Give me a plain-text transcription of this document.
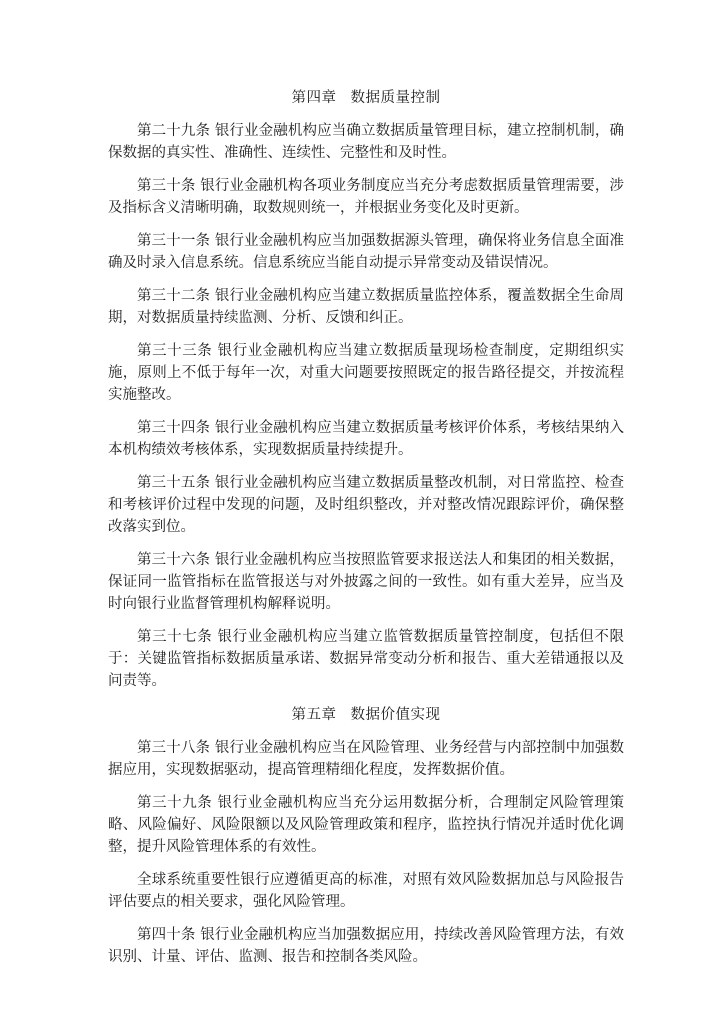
第四章 数据质量控制

第二十九条 银行业金融机构应当确立数据质量管理目标，建立控制机制，确保数据的真实性、准确性、连续性、完整性和及时性。

第三十条 银行业金融机构各项业务制度应当充分考虑数据质量管理需要，涉及指标含义清晰明确，取数规则统一，并根据业务变化及时更新。

第三十一条 银行业金融机构应当加强数据源头管理，确保将业务信息全面准确及时录入信息系统。信息系统应当能自动提示异常变动及错误情况。

第三十二条 银行业金融机构应当建立数据质量监控体系，覆盖数据全生命周期，对数据质量持续监测、分析、反馈和纠正。

第三十三条 银行业金融机构应当建立数据质量现场检查制度，定期组织实施，原则上不低于每年一次，对重大问题要按照既定的报告路径提交，并按流程实施整改。

第三十四条 银行业金融机构应当建立数据质量考核评价体系，考核结果纳入本机构绩效考核体系，实现数据质量持续提升。

第三十五条 银行业金融机构应当建立数据质量整改机制，对日常监控、检查和考核评价过程中发现的问题，及时组织整改，并对整改情况跟踪评价，确保整改落实到位。

第三十六条 银行业金融机构应当按照监管要求报送法人和集团的相关数据，保证同一监管指标在监管报送与对外披露之间的一致性。如有重大差异，应当及时向银行业监督管理机构解释说明。

第三十七条 银行业金融机构应当建立监管数据质量管控制度，包括但不限于：关键监管指标数据质量承诺、数据异常变动分析和报告、重大差错通报以及问责等。

第五章 数据价值实现

第三十八条 银行业金融机构应当在风险管理、业务经营与内部控制中加强数据应用，实现数据驱动，提高管理精细化程度，发挥数据价值。

第三十九条 银行业金融机构应当充分运用数据分析，合理制定风险管理策略、风险偏好、风险限额以及风险管理政策和程序，监控执行情况并适时优化调整，提升风险管理体系的有效性。

全球系统重要性银行应遵循更高的标准，对照有效风险数据加总与风险报告评估要点的相关要求，强化风险管理。

第四十条 银行业金融机构应当加强数据应用，持续改善风险管理方法，有效识别、计量、评估、监测、报告和控制各类风险。
